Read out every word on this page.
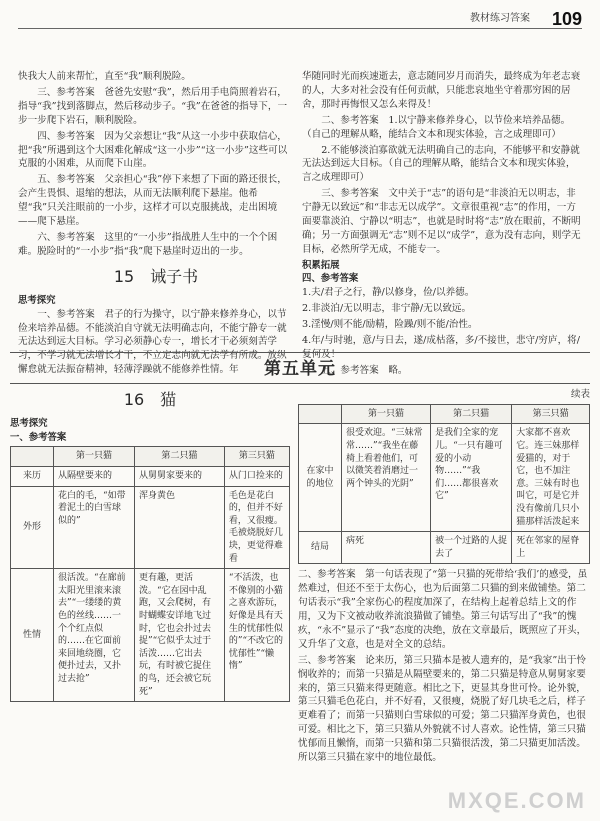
教材练习答案 109

快我大人前来帮忙，直至“我”顺利脱险。

三、参考答案　爸爸先安慰“我”，然后用手电筒照着岩石，指导“我”找到落脚点，然后移动步子。“我”在爸爸的指导下，一步一步爬下岩石，顺利脱险。

四、参考答案　因为父亲想让“我”从这一小步中获取信心，把“我”所遇到这个大困难化解成“这一小步”“这一小步”这些可以克服的小困难，从而爬下山崖。

五、参考答案　父亲担心“我”停下来想了下面的路还很长，会产生畏惧、退缩的想法，从而无法顺利爬下悬崖。他希望“我”只关注眼前的一小步，这样才可以克服挑战，走出困境——爬下悬崖。

六、参考答案　这里的“一小步”指战胜人生中的一个个困难。脱险时的“一小步”指“我”爬下悬崖时迈出的一步。

15　诫子书
思考探究

一、参考答案　君子的行为操守，以宁静来修养身心，以节俭来培养品德。不能淡泊自守就无法明确志向，不能宁静专一就无法达到远大目标。学习必须静心专一，增长才干必须刻苦学习，不学习就无法增长才干，不立定志向就无法学有所成。放纵懈怠就无法振奋精神，轻薄浮躁就不能修养性情。年

华随同时光而疾速逝去，意志随同岁月而消失，最终成为年老志衰的人，大多对社会没有任何贡献，只能悲哀地坐守着那穷困的居舍，那时再悔恨又怎么来得及！

二、参考答案　1.以宁静来修养身心，以节俭来培养品德。（自己的理解从略，能结合文本和现实体验，言之成理即可）

2.不能够淡泊寡欲就无法明确自己的志向，不能够平和安静就无法达到远大目标。（自己的理解从略，能结合文本和现实体验，言之成理即可）

三、参考答案　文中关于“志”的语句是“非淡泊无以明志，非宁静无以致远”和“非志无以成学”。文章很重视“志”的作用，一方面要靠淡泊、宁静以“明志”，也就是时时将“志”放在眼前，不断明确；另一方面强调无“志”则不足以“成学”，意为没有志向，则学无目标，必然所学无成，不能专一。

积累拓展

四、参考答案

1.夫/君子之行，静/以修身，俭/以养德。

2.非淡泊/无以明志，非宁静/无以致远。

3.淫慢/则不能/励精，险躁/则不能/治性。

4.年/与时驰，意/与日去，遂/成枯落，多/不接世，悲守/穷庐，将/复何及！

五、参考答案　略。

第五单元
16　猫
思考探究
一、参考答案
	第一只猫	第二只猫	第三只猫
来历	从隔壁要来的	从舅舅家要来的	从门口捡来的
外形	花白的毛，“如带着泥土的白雪球似的”	浑身黄色	毛色是花白的，但并不好看，又很瘦。毛被烧脱好几块，更觉得难看
性情	很活泼。“在廊前太阳光里滚来滚去”“一缕缕的黄色的丝线……一个个红点似的……在它面前来回地绕圈，它便扑过去，又扑过去抢”	更有趣，更活泼。“它在园中乱跑，又会爬树，有时蝴蝶安详地飞过时，它也会扑过去捉”“它似乎太过于活泼……它出去玩，有时被它捉住的鸟，还会被它玩死”	“不活泼，也不像别的小猫之喜欢游玩，好像是具有天生的忧郁性似的”“不改它的忧郁性”“懒惰”
续表
	第一只猫	第二只猫	第三只猫
在家中的地位	很受欢迎。“三妹常常……”“我坐在藤椅上看着他们，可以微笑着消磨过一两个钟头的光阴”	是我们全家的宠儿。“一只有趣可爱的小动物……”“我们……都很喜欢它”	大家都不喜欢它。连三妹那样爱猫的，对于它，也不加注意。三妹有时也叫它，可是它并没有像前几只小猫那样活泼起来
结局	病死	被一个过路的人捉去了	死在邻家的屋脊上

二、参考答案　第一句话表现了“第一只猫的死带给‘我们’的感受，虽然难过，但还不至于太伤心，也为后面第二只猫的到来做铺垫。第二句话表示“我”全家伤心的程度加深了，在结构上起着总结上文的作用，又为下文被动收养流浪猫做了铺垫。第三句话写出了“我”的愧疚，“永不”显示了“我”态度的决绝，放在文章最后，既照应了开头，又升华了文意，也是对全文的总结。

三、参考答案　论来历，第三只猫本是被人遗弃的，是“我家”出于怜悯收养的；而第一只猫是从隔壁要来的，第二只猫是特意从舅舅家要来的，第三只猫来得更随意。相比之下，更显其身世可怜。论外貌，第三只猫毛色花白，并不好看，又很瘦，烧脱了好几块毛之后，样子更难看了；而第一只猫则白雪球似的可爱；第二只猫浑身黄色，也很可爱。相比之下，第三只猫从外貌就不讨人喜欢。论性情，第三只猫忧郁而且懒惰，而第一只猫和第二只猫很活泼，第二只猫更加活泼。所以第三只猫在家中的地位最低。

MXQE.COM
